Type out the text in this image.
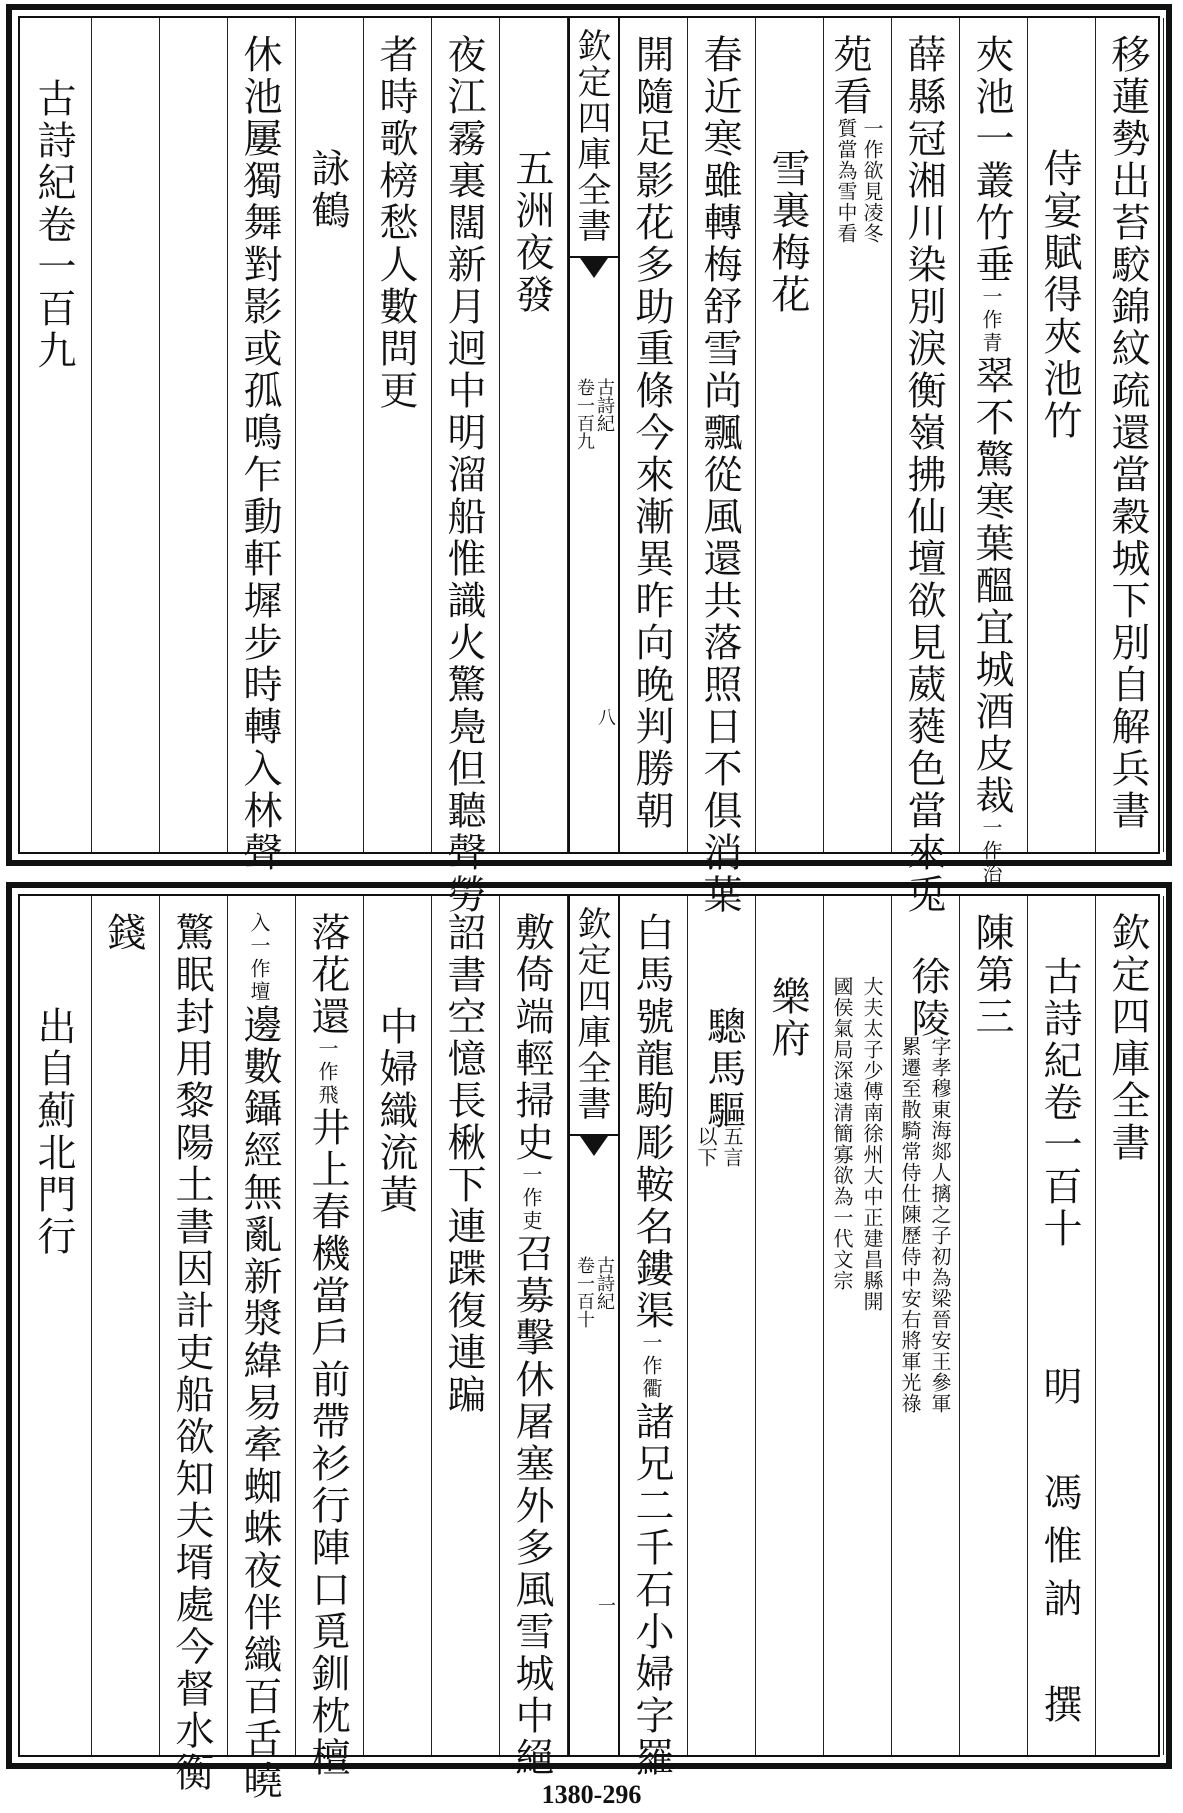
移蓮勢出苔駮錦紋疏還當穀城下別自解兵書
侍宴賦得夾池竹
夾池一叢竹垂一作青翠不驚寒葉醞宜城酒皮裁一作治
薛縣冠湘川染別淚衡嶺拂仙壇欲見葳蕤色當來兎
苑看
一作欲見凌冬
質當為雪中看
雪裏梅花
春近寒雖轉梅舒雪尚飄從風還共落照日不俱消葉
開隨足影花多助重條今來漸異昨向晚判勝朝
欽定四庫全書
古詩紀
卷一百九
八
五洲夜發
夜江霧裏闊新月迥中明溜船惟識火驚鳧但聽聲勞
者時歌榜愁人數問更
詠鶴
休池屢獨舞對影或孤鳴乍動軒墀步時轉入林聲
古詩紀卷一百九
欽定四庫全書
古詩紀卷一百十
明　馮惟訥　撰
陳第三
徐陵
字孝穆東海郯人摛之子初為梁晉安王參軍
累遷至散騎常侍仕陳歷侍中安右將軍光祿
大夫太子少傅南徐州大中正建昌縣開
國侯氣局深遠清簡寡欲為一代文宗
樂府
驄馬驅
以下 五言
白馬號龍駒彫鞍名鏤渠一作衢諸兄二千石小婦字羅
欽定四庫全書
古詩紀
卷一百十
一
敷倚端輕掃史一作吏召募擊休屠塞外多風雪城中絕
詔書空憶長楸下連蹀復連蹁
中婦織流黃
落花還一作飛井上春機當戶前帶衫行陣口覓釧枕檀
入一作壇邊數鑷經無亂新漿緯易牽蜘蛛夜伴織百舌曉
驚眠封用黎陽土書因計吏船欲知夫壻處今督水衡
錢
出自薊北門行
1380-296
